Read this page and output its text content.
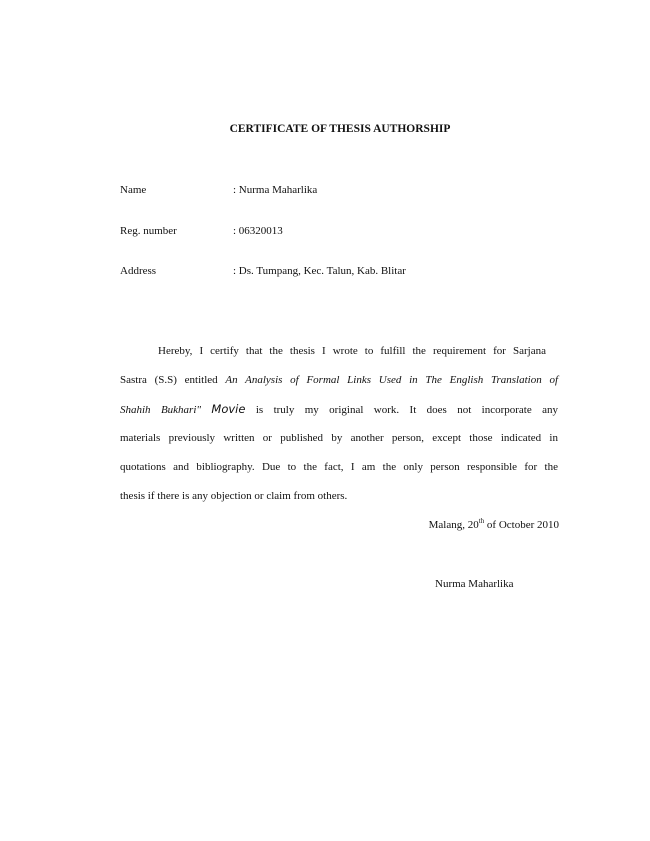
CERTIFICATE OF THESIS AUTHORSHIP
Name	: Nurma Maharlika
Reg. number	: 06320013
Address	: Ds. Tumpang, Kec. Talun, Kab. Blitar
Hereby, I certify that the thesis I wrote to fulfill the requirement for Sarjana
Sastra (S.S) entitled An Analysis of Formal Links Used in The English Translation of
Shahih Bukhari" Movie is truly my original work. It does not incorporate any
materials previously written or published by another person, except those indicated in
quotations and bibliography. Due to the fact, I am the only person responsible for the
thesis if there is any objection or claim from others.
Malang, 20th of October 2010
Nurma Maharlika
